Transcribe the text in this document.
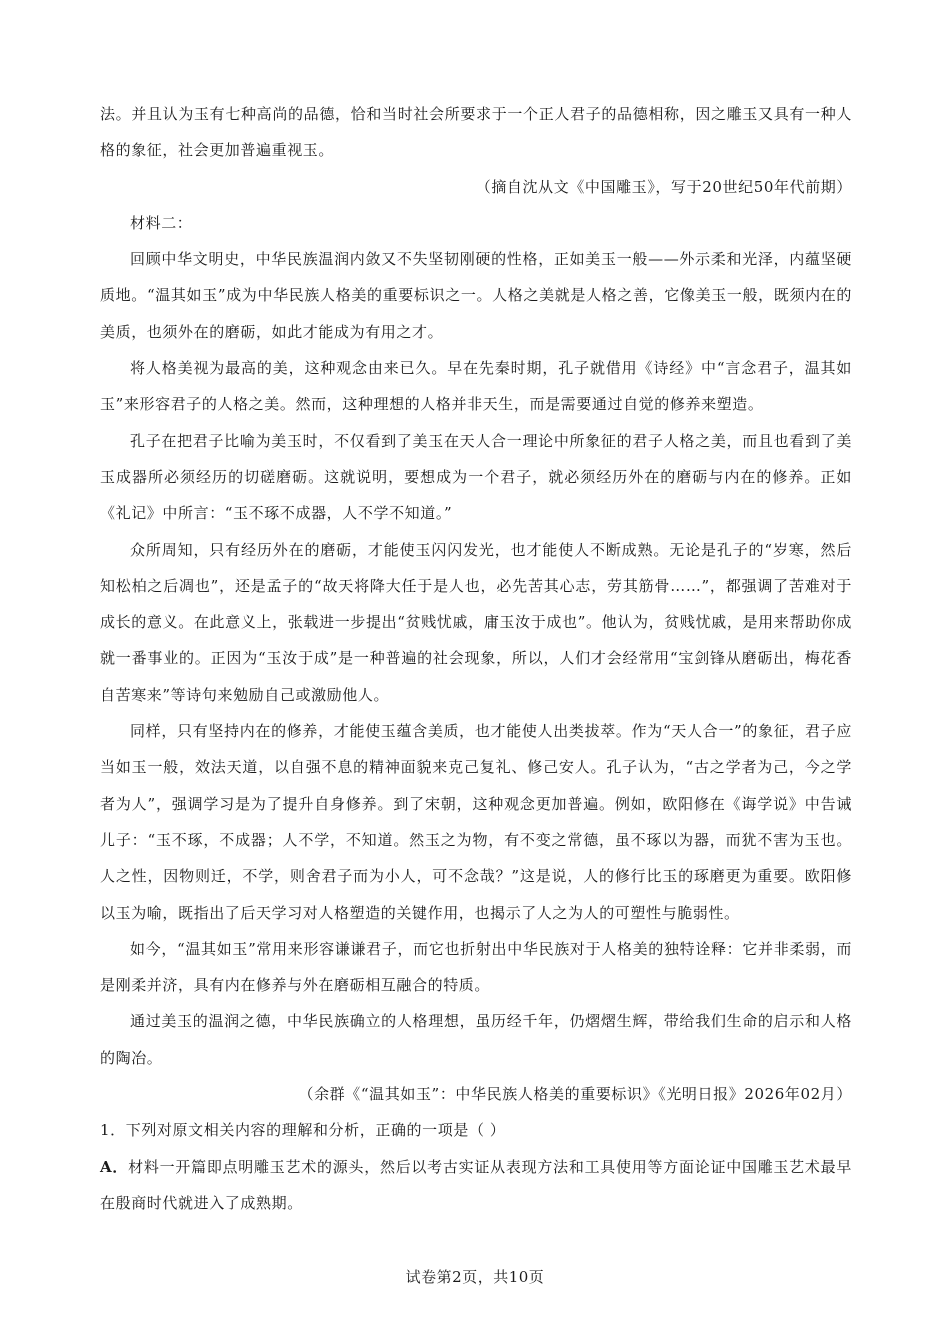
法。并且认为玉有七种高尚的品德，恰和当时社会所要求于一个正人君子的品德相称，因之雕玉又具有一种人格的象征，社会更加普遍重视玉。

（摘自沈从文《中国雕玉》，写于20世纪50年代前期）

材料二：

回顾中华文明史，中华民族温润内敛又不失坚韧刚硬的性格，正如美玉一般——外示柔和光泽，内蕴坚硬质地。“温其如玉”成为中华民族人格美的重要标识之一。人格之美就是人格之善，它像美玉一般，既须内在的美质，也须外在的磨砺，如此才能成为有用之才。

将人格美视为最高的美，这种观念由来已久。早在先秦时期，孔子就借用《诗经》中“言念君子，温其如玉”来形容君子的人格之美。然而，这种理想的人格并非天生，而是需要通过自觉的修养来塑造。

孔子在把君子比喻为美玉时，不仅看到了美玉在天人合一理论中所象征的君子人格之美，而且也看到了美玉成器所必须经历的切磋磨砺。这就说明，要想成为一个君子，就必须经历外在的磨砺与内在的修养。正如《礼记》中所言：“玉不琢不成器，人不学不知道。”

众所周知，只有经历外在的磨砺，才能使玉闪闪发光，也才能使人不断成熟。无论是孔子的“岁寒，然后知松柏之后凋也”，还是孟子的“故天将降大任于是人也，必先苦其心志，劳其筋骨……”，都强调了苦难对于成长的意义。在此意义上，张载进一步提出“贫贱忧戚，庸玉汝于成也”。他认为，贫贱忧戚，是用来帮助你成就一番事业的。正因为“玉汝于成”是一种普遍的社会现象，所以，人们才会经常用“宝剑锋从磨砺出，梅花香自苦寒来”等诗句来勉励自己或激励他人。

同样，只有坚持内在的修养，才能使玉蕴含美质，也才能使人出类拔萃。作为“天人合一”的象征，君子应当如玉一般，效法天道，以自强不息的精神面貌来克己复礼、修己安人。孔子认为，“古之学者为己，今之学者为人”，强调学习是为了提升自身修养。到了宋朝，这种观念更加普遍。例如，欧阳修在《诲学说》中告诫儿子：“玉不琢，不成器；人不学，不知道。然玉之为物，有不变之常德，虽不琢以为器，而犹不害为玉也。人之性，因物则迁，不学，则舍君子而为小人，可不念哉？”这是说，人的修行比玉的琢磨更为重要。欧阳修以玉为喻，既指出了后天学习对人格塑造的关键作用，也揭示了人之为人的可塑性与脆弱性。

如今，“温其如玉”常用来形容谦谦君子，而它也折射出中华民族对于人格美的独特诠释：它并非柔弱，而是刚柔并济，具有内在修养与外在磨砺相互融合的特质。

通过美玉的温润之德，中华民族确立的人格理想，虽历经千年，仍熠熠生辉，带给我们生命的启示和人格的陶冶。

（余群《“温其如玉”：中华民族人格美的重要标识》《光明日报》2026年02月）

1．下列对原文相关内容的理解和分析，正确的一项是（ ）

A．材料一开篇即点明雕玉艺术的源头，然后以考古实证从表现方法和工具使用等方面论证中国雕玉艺术最早在殷商时代就进入了成熟期。

试卷第2页，共10页
